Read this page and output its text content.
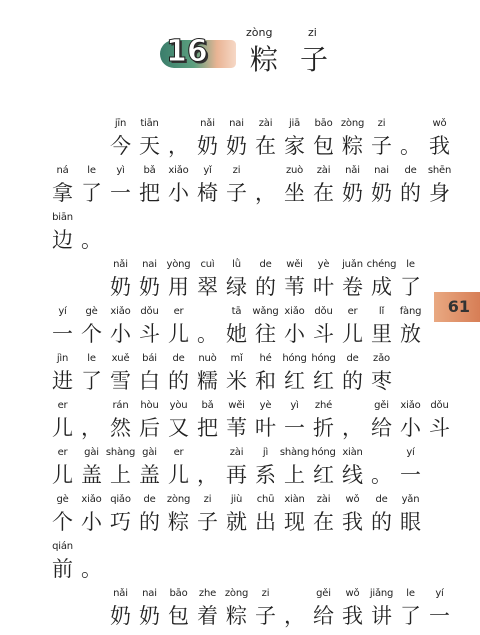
16
zòng
粽
zi
子
61
jīn
今
tiān
天 ，
nǎi
奶
nai
奶
zài
在
jiā
家
bāo
包
zòng
粽
zi
子 。
wǒ
我
ná
拿
le
了
yì
一
bǎ
把
xiǎo
小
yǐ
椅
zi
子 ，
zuò
坐
zài
在
nǎi
奶
nai
奶
de
的
shēn
身
biān
边 。
nǎi
奶
nai
奶
yòng
用
cuì
翠
lǜ
绿
de
的
wěi
苇
yè
叶
juǎn
卷
chéng
成
le
了
yí
一
gè
个
xiǎo
小
dǒu
斗
er
儿 。
tā
她
wǎng
往
xiǎo
小
dǒu
斗
er
儿
lǐ
里
fàng
放
jìn
进
le
了
xuě
雪
bái
白
de
的
nuò
糯
mǐ
米
hé
和
hóng
红
hóng
红
de
的
zǎo
枣
er
儿 ，
rán
然
hòu
后
yòu
又
bǎ
把
wěi
苇
yè
叶
yì
一
zhé
折 ，
gěi
给
xiǎo
小
dǒu
斗
er
儿
gài
盖
shàng
上
gài
盖
er
儿 ，
zài
再
jì
系
shàng
上
hóng
红
xiàn
线 。
yí
一
gè
个
xiǎo
小
qiǎo
巧
de
的
zòng
粽
zi
子
jiù
就
chū
出
xiàn
现
zài
在
wǒ
我
de
的
yǎn
眼
qián
前 。
nǎi
奶
nai
奶
bāo
包
zhe
着
zòng
粽
zi
子 ，
gěi
给
wǒ
我
jiǎng
讲
le
了
yí
一
